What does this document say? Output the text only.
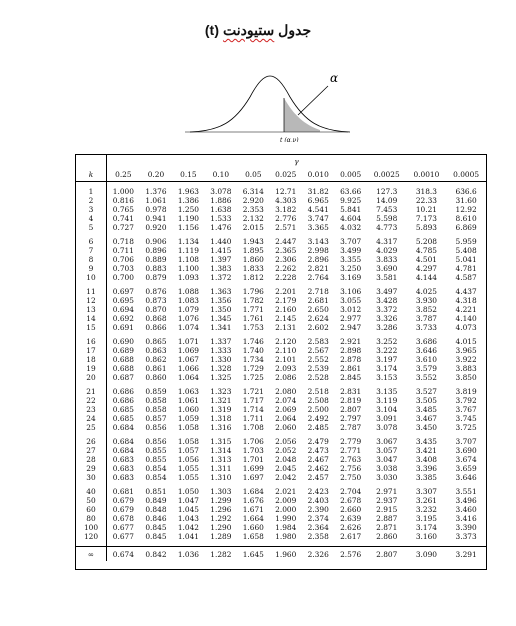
جدول ستيودنت (t)
α
t (α,ν)
	γ										
k	0.25	0.20	0.15	0.10	0.05	0.025	0.010	0.005	0.0025	0.0010	0.0005

1	1.000	1.376	1.963	3.078	6.314	12.71	31.82	63.66	127.3	318.3	636.6
2	0.816	1.061	1.386	1.886	2.920	4.303	6.965	9.925	14.09	22.33	31.60
3	0.765	0.978	1.250	1.638	2.353	3.182	4.541	5.841	7.453	10.21	12.92
4	0.741	0.941	1.190	1.533	2.132	2.776	3.747	4.604	5.598	7.173	8.610
5	0.727	0.920	1.156	1.476	2.015	2.571	3.365	4.032	4.773	5.893	6.869

6	0.718	0.906	1.134	1.440	1.943	2.447	3.143	3.707	4.317	5.208	5.959
7	0.711	0.896	1.119	1.415	1.895	2.365	2.998	3.499	4.029	4.785	5.408
8	0.706	0.889	1.108	1.397	1.860	2.306	2.896	3.355	3.833	4.501	5.041
9	0.703	0.883	1.100	1.383	1.833	2.262	2.821	3.250	3.690	4.297	4.781
10	0.700	0.879	1.093	1.372	1.812	2.228	2.764	3.169	3.581	4.144	4.587

11	0.697	0.876	1.088	1.363	1.796	2.201	2.718	3.106	3.497	4.025	4.437
12	0.695	0.873	1.083	1.356	1.782	2.179	2.681	3.055	3.428	3.930	4.318
13	0.694	0.870	1.079	1.350	1.771	2.160	2.650	3.012	3.372	3.852	4.221
14	0.692	0.868	1.076	1.345	1.761	2.145	2.624	2.977	3.326	3.787	4.140
15	0.691	0.866	1.074	1.341	1.753	2.131	2.602	2.947	3.286	3.733	4.073

16	0.690	0.865	1.071	1.337	1.746	2.120	2.583	2.921	3.252	3.686	4.015
17	0.689	0.863	1.069	1.333	1.740	2.110	2.567	2.898	3.222	3.646	3.965
18	0.688	0.862	1.067	1.330	1.734	2.101	2.552	2.878	3.197	3.610	3.922
19	0.688	0.861	1.066	1.328	1.729	2.093	2.539	2.861	3.174	3.579	3.883
20	0.687	0.860	1.064	1.325	1.725	2.086	2.528	2.845	3.153	3.552	3.850

21	0.686	0.859	1.063	1.323	1.721	2.080	2.518	2.831	3.135	3.527	3.819
22	0.686	0.858	1.061	1.321	1.717	2.074	2.508	2.819	3.119	3.505	3.792
23	0.685	0.858	1.060	1.319	1.714	2.069	2.500	2.807	3.104	3.485	3.767
24	0.685	0.857	1.059	1.318	1.711	2.064	2.492	2.797	3.091	3.467	3.745
25	0.684	0.856	1.058	1.316	1.708	2.060	2.485	2.787	3.078	3.450	3.725

26	0.684	0.856	1.058	1.315	1.706	2.056	2.479	2.779	3.067	3.435	3.707
27	0.684	0.855	1.057	1.314	1.703	2.052	2.473	2.771	3.057	3.421	3.690
28	0.683	0.855	1.056	1.313	1.701	2.048	2.467	2.763	3.047	3.408	3.674
29	0.683	0.854	1.055	1.311	1.699	2.045	2.462	2.756	3.038	3.396	3.659
30	0.683	0.854	1.055	1.310	1.697	2.042	2.457	2.750	3.030	3.385	3.646

40	0.681	0.851	1.050	1.303	1.684	2.021	2.423	2.704	2.971	3.307	3.551
50	0.679	0.849	1.047	1.299	1.676	2.009	2.403	2.678	2.937	3.261	3.496
60	0.679	0.848	1.045	1.296	1.671	2.000	2.390	2.660	2.915	3.232	3.460
80	0.678	0.846	1.043	1.292	1.664	1.990	2.374	2.639	2.887	3.195	3.416
100	0.677	0.845	1.042	1.290	1.660	1.984	2.364	2.626	2.871	3.174	3.390
120	0.677	0.845	1.041	1.289	1.658	1.980	2.358	2.617	2.860	3.160	3.373

∞	0.674	0.842	1.036	1.282	1.645	1.960	2.326	2.576	2.807	3.090	3.291
